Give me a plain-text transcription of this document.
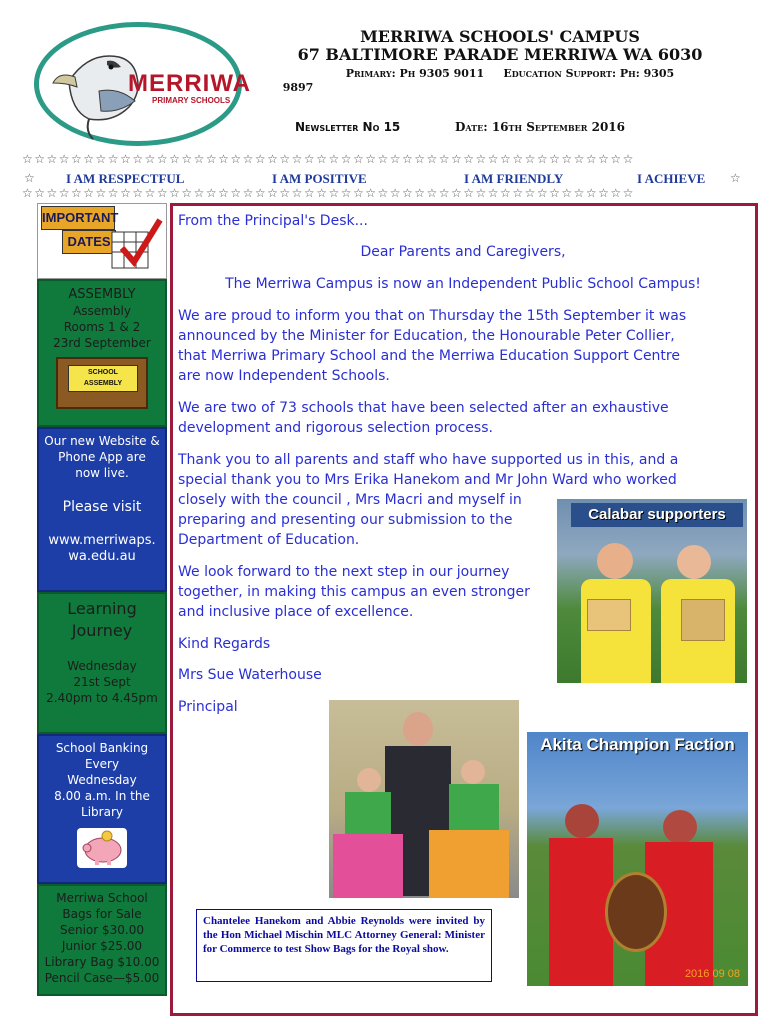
MERRIWA
PRIMARY SCHOOLS
MERRIWA SCHOOLS' CAMPUS
67 BALTIMORE PARADE MERRIWA WA 6030
Primary: Ph 9305 9011     Education Support: Ph: 9305
9897
Newsletter No 15	Date: 16th September 2016
☆☆☆☆☆☆☆☆☆☆☆☆☆☆☆☆☆☆☆☆☆☆☆☆☆☆☆☆☆☆☆☆☆☆☆☆☆☆☆☆☆☆☆☆☆☆☆☆☆☆
☆ I AM RESPECTFUL	I AM POSITIVE	I AM FRIENDLY	I ACHIEVE ☆
☆☆☆☆☆☆☆☆☆☆☆☆☆☆☆☆☆☆☆☆☆☆☆☆☆☆☆☆☆☆☆☆☆☆☆☆☆☆☆☆☆☆☆☆☆☆☆☆☆☆
IMPORTANT
DATES
ASSEMBLY
Assembly
Rooms 1 & 2
23rd September
SCHOOL
ASSEMBLY
Our new Website &
Phone App are
now live.
Please visit
www.merriwaps.
wa.edu.au
Learning
Journey
Wednesday
21st Sept
2.40pm to 4.45pm
School Banking
Every
Wednesday
8.00 a.m. In the
Library
Merriwa School
Bags for Sale
Senior $30.00
Junior $25.00
Library Bag $10.00
Pencil Case—$5.00
From the Principal's Desk...
Dear Parents and Caregivers,
The Merriwa Campus is now an Independent Public School Campus!
We are proud to inform you that on Thursday the 15th September it was
announced by the Minister for Education, the Honourable Peter Collier,
that Merriwa Primary School and the Merriwa Education Support Centre
are now Independent Schools.
We are two of 73 schools that have been selected after an exhaustive
development and rigorous selection process.
Thank you to all parents and staff who have supported us in this, and a
special thank you to Mrs Erika Hanekom and Mr John Ward who worked
closely with the council , Mrs Macri and myself in
preparing and presenting our submission to the
Department of Education.
We look forward to the next step in our journey
together, in making this campus an even stronger
and inclusive place of excellence.
Kind Regards
Mrs Sue Waterhouse
Principal
Calabar supporters
Chantelee Hanekom and Abbie Reynolds were invited by the Hon Michael Mischin MLC Attorney General: Minister for Commerce to test Show Bags for the Royal show.
Akita Champion Faction
2016 09 08
